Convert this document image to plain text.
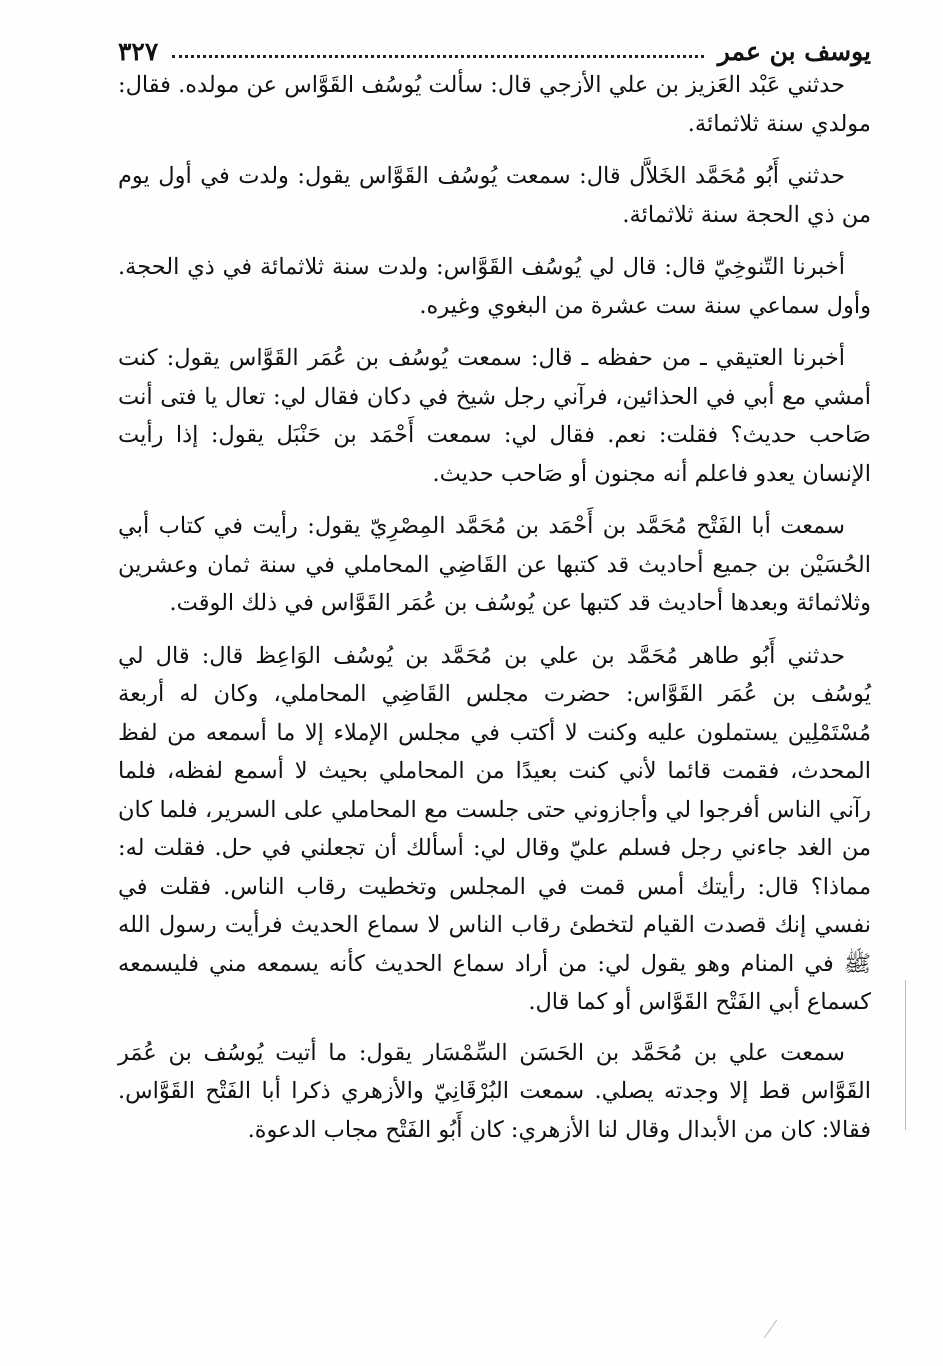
يوسف بن عمر
٣٢٧

حدثني عَبْد العَزيز بن علي الأزجي قال: سألت يُوسُف القَوَّاس عن مولده. فقال: مولدي سنة ثلاثمائة.

حدثني أَبُو مُحَمَّد الخَلاَّل قال: سمعت يُوسُف القَوَّاس يقول: ولدت في أول يوم من ذي الحجة سنة ثلاثمائة.

أخبرنا التّنوخِيّ قال: قال لي يُوسُف القَوَّاس: ولدت سنة ثلاثمائة في ذي الحجة. وأول سماعي سنة ست عشرة من البغوي وغيره.

أخبرنا العتيقي ـ من حفظه ـ قال: سمعت يُوسُف بن عُمَر القَوَّاس يقول: كنت أمشي مع أبي في الحذائين، فرآني رجل شيخ في دكان فقال لي: تعال يا فتى أنت صَاحب حديث؟ فقلت: نعم. فقال لي: سمعت أَحْمَد بن حَنْبَل يقول: إذا رأيت الإنسان يعدو فاعلم أنه مجنون أو صَاحب حديث.

سمعت أبا الفَتْح مُحَمَّد بن أَحْمَد بن مُحَمَّد المِصْرِيّ يقول: رأيت في كتاب أبي الحُسَيْن بن جميع أحاديث قد كتبها عن القَاضِي المحاملي في سنة ثمان وعشرين وثلاثمائة وبعدها أحاديث قد كتبها عن يُوسُف بن عُمَر القَوَّاس في ذلك الوقت.

حدثني أَبُو طاهر مُحَمَّد بن علي بن مُحَمَّد بن يُوسُف الوَاعِظ قال: قال لي يُوسُف بن عُمَر القَوَّاس: حضرت مجلس القَاضِي المحاملي، وكان له أربعة مُسْتَمْلِين يستملون عليه وكنت لا أكتب في مجلس الإملاء إلا ما أسمعه من لفظ المحدث، فقمت قائما لأني كنت بعيدًا من المحاملي بحيث لا أسمع لفظه، فلما رآني الناس أفرجوا لي وأجازوني حتى جلست مع المحاملي على السرير، فلما كان من الغد جاءني رجل فسلم عليّ وقال لي: أسألك أن تجعلني في حل. فقلت له: مماذا؟ قال: رأيتك أمس قمت في المجلس وتخطيت رقاب الناس. فقلت في نفسي إنك قصدت القيام لتخطئ رقاب الناس لا سماع الحديث فرأيت رسول الله ﷺ في المنام وهو يقول لي: من أراد سماع الحديث كأنه يسمعه مني فليسمعه كسماع أبي الفَتْح القَوَّاس أو كما قال.

سمعت علي بن مُحَمَّد بن الحَسَن السِّمْسَار يقول: ما أتيت يُوسُف بن عُمَر القَوَّاس قط إلا وجدته يصلي. سمعت البُرْقَانِيّ والأزهري ذكرا أبا الفَتْح القَوَّاس. فقالا: كان من الأبدال وقال لنا الأزهري: كان أَبُو الفَتْح مجاب الدعوة.
